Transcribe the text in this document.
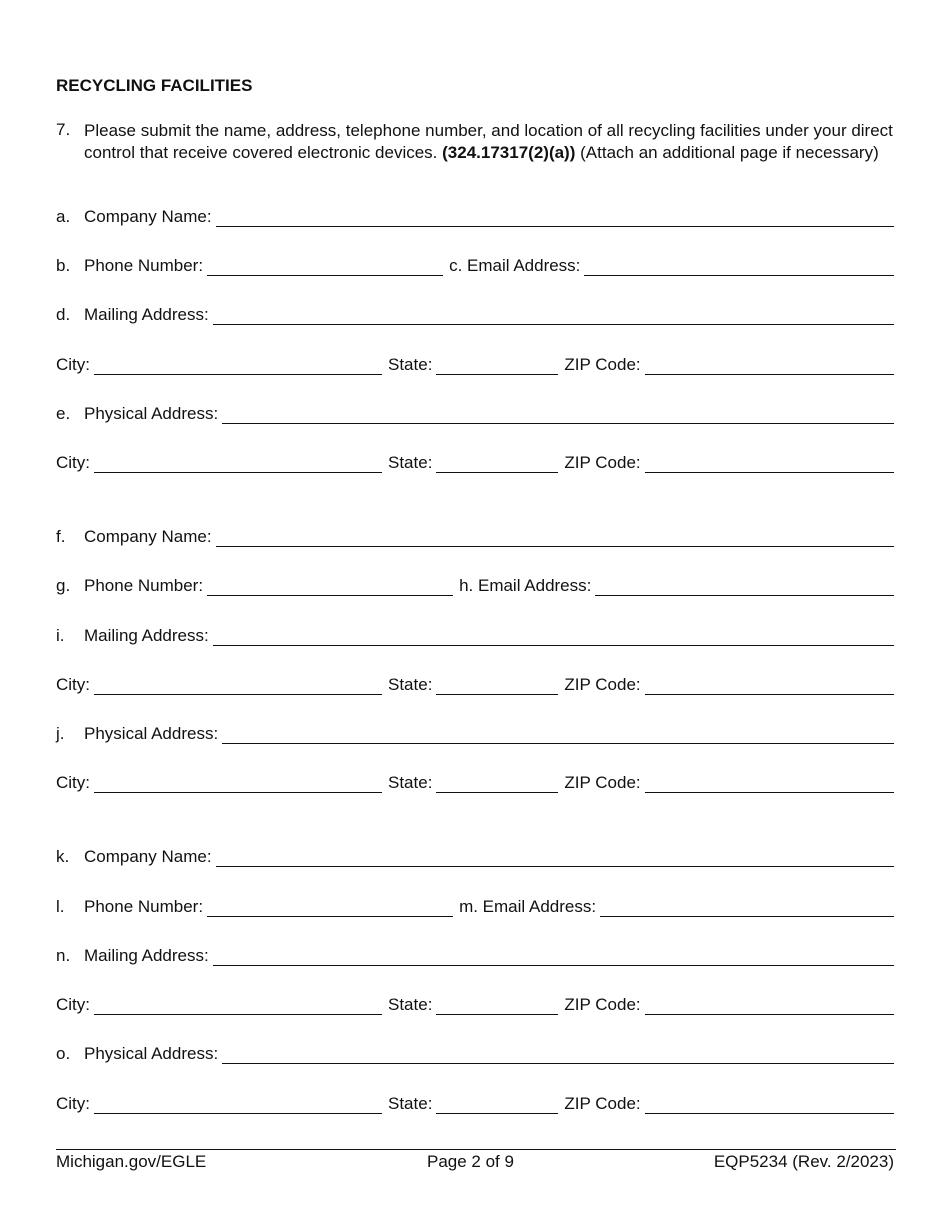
RECYCLING FACILITIES
7. Please submit the name, address, telephone number, and location of all recycling facilities under your direct control that receive covered electronic devices. (324.17317(2)(a)) (Attach an additional page if necessary)
a. Company Name:
b. Phone Number:	c. Email Address:
d. Mailing Address:
City:	State:	ZIP Code:
e. Physical Address:
City:	State:	ZIP Code:
f.	Company Name:
g. Phone Number:	h. Email Address:
i.	Mailing Address:
City:	State:	ZIP Code:
j.	Physical Address:
City:	State:	ZIP Code:
k. Company Name:
l.	Phone Number:	m. Email Address:
n. Mailing Address:
City:	State:	ZIP Code:
o. Physical Address:
City:	State:	ZIP Code:
Michigan.gov/EGLE	Page 2 of 9	EQP5234 (Rev. 2/2023)
